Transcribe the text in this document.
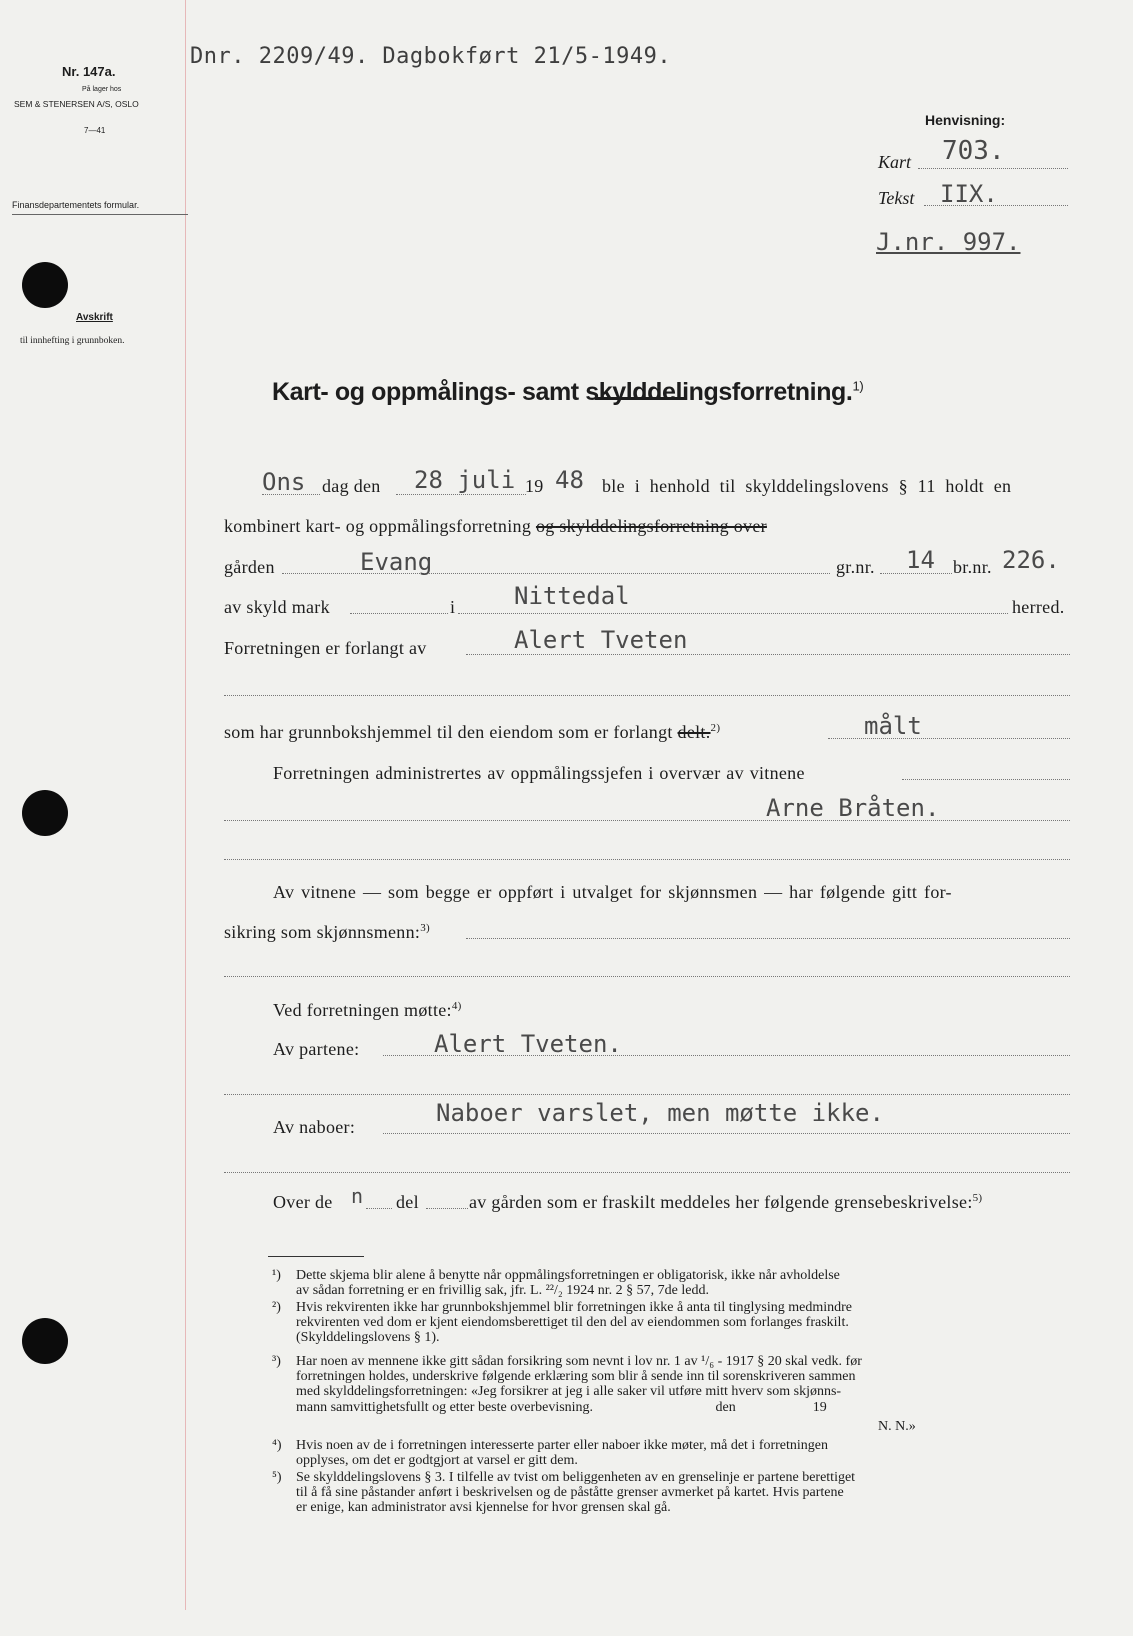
Dnr. 2209/49. Dagbokført 21/5-1949.
Nr. 147a.
På lager hos
SEM & STENERSEN A/S, OSLO
7—41
Finansdepartementets formular.
Avskrift
til innhefting i grunnboken.
Henvisning:
Kart 703.
Tekst IIX.
J.nr. 997.
Kart- og oppmålings- samt skylddelingsforretning.$^{1)}$
Ons dag den 28 juli 19 48 ble i henhold til skylddelingslovens § 11 holdt en
kombinert kart- og oppmålingsforretning og skylddelingsforretning over
gården	Evang	gr.nr. 14 br.nr. 226.
av skyld mark	i Nittedal	herred.
Forretningen er forlangt av	Alert Tveten
som har grunnbokshjemmel til den eiendom som er forlangt delt.$^{2)}$	målt
Forretningen administrertes av oppmålingssjefen i overvær av vitnene
Arne Bråten.
Av vitnene — som begge er oppført i utvalget for skjønnsmen — har følgende gitt for-
sikring som skjønnsmenn:$^{3)}$
Ved forretningen møtte:$^{4)}$
Av partene:	Alert Tveten.
Av naboer:	Naboer varslet, men møtte ikke.
Over de n del	av gården som er fraskilt meddeles her følgende grensebeskrivelse:$^{5)}$
¹) Dette skjema blir alene å benytte når oppmålingsforretningen er obligatorisk, ikke når avholdelse
av sådan forretning er en frivillig sak, jfr. L. ²²/₂ 1924 nr. 2 § 57, 7de ledd.
²) Hvis rekvirenten ikke har grunnbokshjemmel blir forretningen ikke å anta til tinglysing medmindre
rekvirenten ved dom er kjent eiendomsberettiget til den del av eiendommen som forlanges fraskilt.
(Skylddelingslovens § 1).
³) Har noen av mennene ikke gitt sådan forsikring som nevnt i lov nr. 1 av ¹/₆ - 1917 § 20 skal vedk. før
forretningen holdes, underskrive følgende erklæring som blir å sende inn til sorenskriveren sammen
med skylddelingsforretningen: «Jeg forsikrer at jeg i alle saker vil utføre mitt hverv som skjønns-
mann samvittighetsfullt og etter beste overbevisning.                                   den                      19
N. N.»
⁴) Hvis noen av de i forretningen interesserte parter eller naboer ikke møter, må det i forretningen
opplyses, om det er godtgjort at varsel er gitt dem.
⁵) Se skylddelingslovens § 3. I tilfelle av tvist om beliggenheten av en grenselinje er partene berettiget
til å få sine påstander anført i beskrivelsen og de påståtte grenser avmerket på kartet. Hvis partene
er enige, kan administrator avsi kjennelse for hvor grensen skal gå.
